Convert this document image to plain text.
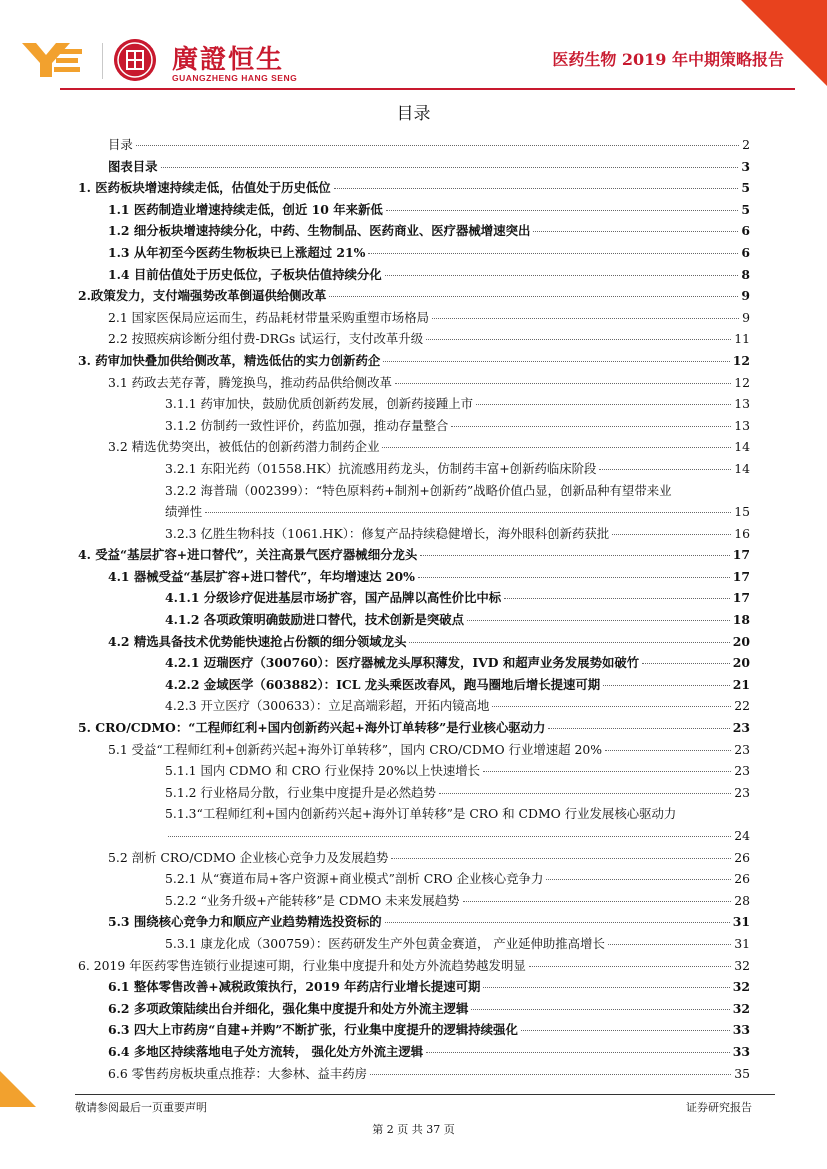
廣證恒生
GUANGZHENG HANG SENG
医药生物 2019 年中期策略报告
目录
目录	2
图表目录	3
1. 医药板块增速持续走低，估值处于历史低位	5
1.1 医药制造业增速持续走低，创近 10 年来新低	5
1.2 细分板块增速持续分化，中药、生物制品、医药商业、医疗器械增速突出	6
1.3 从年初至今医药生物板块已上涨超过 21%	6
1.4 目前估值处于历史低位，子板块估值持续分化	8
2.政策发力，支付端强势改革倒逼供给侧改革	9
2.1 国家医保局应运而生，药品耗材带量采购重塑市场格局	9
2.2 按照疾病诊断分组付费-DRGs 试运行，支付改革升级	11
3. 药审加快叠加供给侧改革，精选低估的实力创新药企	12
3.1 药政去芜存菁，腾笼换鸟，推动药品供给侧改革	12
3.1.1 药审加快，鼓励优质创新药发展，创新药接踵上市	13
3.1.2 仿制药一致性评价，药监加强，推动存量整合	13
3.2 精选优势突出，被低估的创新药潜力制药企业	14
3.2.1 东阳光药（01558.HK）抗流感用药龙头，仿制药丰富+创新药临床阶段	14
3.2.2 海普瑞（002399）：“特色原料药+制剂+创新药”战略价值凸显，创新品种有望带来业
绩弹性	15
3.2.3 亿胜生物科技（1061.HK）：修复产品持续稳健增长，海外眼科创新药获批	16
4. 受益“基层扩容+进口替代”，关注高景气医疗器械细分龙头	17
4.1 器械受益“基层扩容+进口替代”，年均增速达 20%	17
4.1.1 分级诊疗促进基层市场扩容，国产品牌以高性价比中标	17
4.1.2 各项政策明确鼓励进口替代，技术创新是突破点	18
4.2 精选具备技术优势能快速抢占份额的细分领域龙头	20
4.2.1 迈瑞医疗（300760）：医疗器械龙头厚积薄发，IVD 和超声业务发展势如破竹	20
4.2.2 金域医学（603882）：ICL 龙头乘医改春风，跑马圈地后增长提速可期	21
4.2.3 开立医疗（300633）：立足高端彩超，开拓内镜高地	22
5. CRO/CDMO：“工程师红利+国内创新药兴起+海外订单转移”是行业核心驱动力	23
5.1 受益“工程师红利+创新药兴起+海外订单转移”，国内 CRO/CDMO 行业增速超 20%	23
5.1.1 国内 CDMO 和 CRO 行业保持 20%以上快速增长	23
5.1.2 行业格局分散，行业集中度提升是必然趋势	23
5.1.3“工程师红利+国内创新药兴起+海外订单转移”是 CRO 和 CDMO 行业发展核心驱动力
24
5.2 剖析 CRO/CDMO 企业核心竞争力及发展趋势	26
5.2.1 从“赛道布局+客户资源+商业模式”剖析 CRO 企业核心竞争力	26
5.2.2 “业务升级+产能转移”是 CDMO 未来发展趋势	28
5.3 围绕核心竞争力和顺应产业趋势精选投资标的	31
5.3.1 康龙化成（300759）：医药研发生产外包黄金赛道， 产业延伸助推高增长	31
6. 2019 年医药零售连锁行业提速可期，行业集中度提升和处方外流趋势越发明显	32
6.1 整体零售改善+减税政策执行，2019 年药店行业增长提速可期	32
6.2 多项政策陆续出台并细化，强化集中度提升和处方外流主逻辑	32
6.3 四大上市药房“自建+并购”不断扩张，行业集中度提升的逻辑持续强化	33
6.4 多地区持续落地电子处方流转， 强化处方外流主逻辑	33
6.6 零售药房板块重点推荐：大参林、益丰药房	35
敬请参阅最后一页重要声明	证券研究报告
第 2 页 共 37 页
